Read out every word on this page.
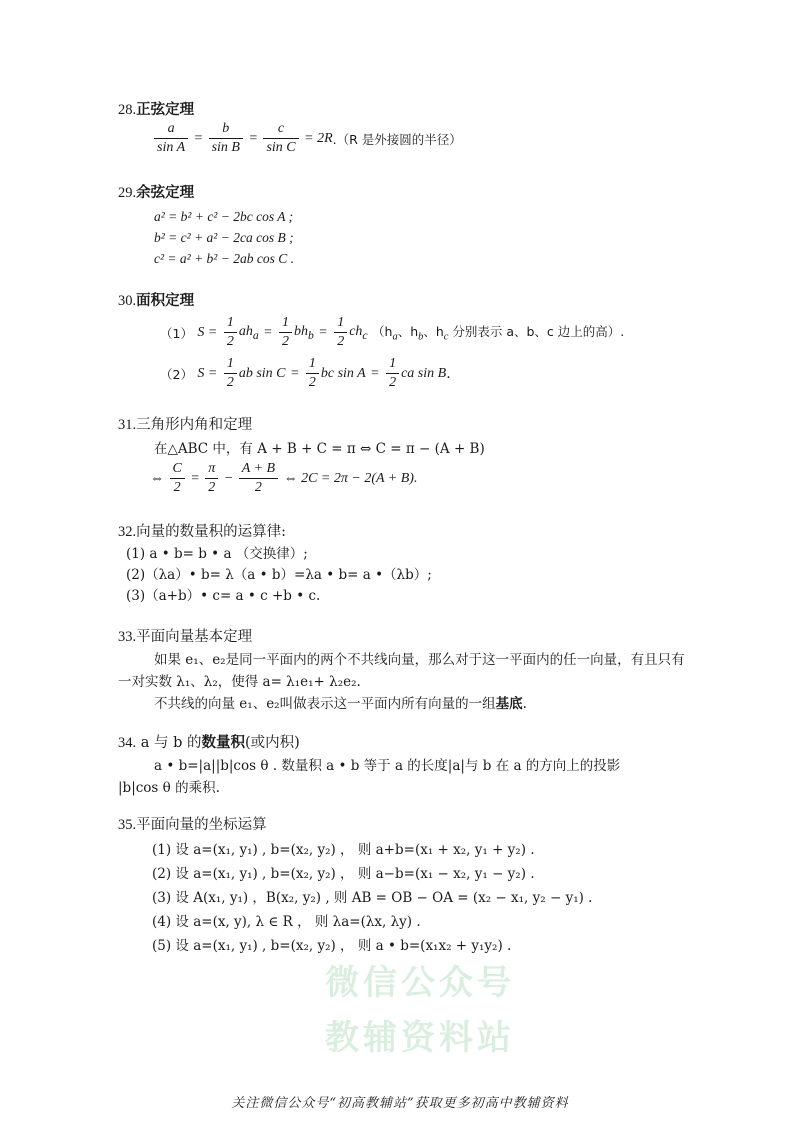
28.正弦定理
$\frac{a}{\text{sin A}} = \frac{b}{\text{sin B}} = \frac{c}{\text{sin C}} = 2R.(R$ 是外接圆的半径）
29.余弦定理
a² = b² + c² − 2bc cos A ;
b² = c² + a² − 2ca cos B ;
c² = a² + b² − 2ab cos C .
30.面积定理
（1） $S = \frac{1}{2} ah_a = \frac{1}{2} bh_b = \frac{1}{2} ch_c$ （$h_a$、$h_b$、$h_c$ 分别表示 a、b、c 边上的高）.
（2） $S = \frac{1}{2}$ ab $\sin C = \frac{1}{2}$ bc $\sin A = \frac{1}{2}$ ca sin B.
31.三角形内角和定理
在△ABC 中，有 A + B + C = π ⇔ C = π − (A + B)
⇔ $\frac{C}{2} = \frac{\pi}{2} - \frac{A + B}{2}$ ⇔ 2C = 2π − 2(A + B).
32.向量的数量积的运算律:
(1) a • b= b • a （交换律）;
(2)（λa）• b= λ（a • b）=λa • b= a •（λb）;
(3)（a+b）• c= a • c +b • c.
33.平面向量基本定理
如果 e₁、e₂是同一平面内的两个不共线向量，那么对于这一平面内的任一向量，有且只有一对实数 λ₁、λ₂，使得 a= λ₁e₁+ λ₂e₂.
不共线的向量 e₁、e₂叫做表示这一平面内所有向量的一组基底.
34. a 与 b 的数量积(或内积)
a • b=|a||b|cos θ . 数量积 a • b 等于 a 的长度|a|与 b 在 a 的方向上的投影
|b|cos θ 的乘积.
35.平面向量的坐标运算
(1) 设 a=(x₁, y₁) , b=(x₂, y₂) ， 则 a+b=(x₁ + x₂, y₁ + y₂) .
(2) 设 a=(x₁, y₁) , b=(x₂, y₂) ， 则 a−b=(x₁ − x₂, y₁ − y₂) .
(3) 设 A(x₁, y₁) ，B(x₂, y₂) , 则 AB = OB − OA = (x₂ − x₁, y₂ − y₁) .
(4) 设 a=(x, y), λ ∈ R ， 则 λa=(λx, λy) .
(5) 设 a=(x₁, y₁) , b=(x₂, y₂) ， 则 a • b=(x₁x₂ + y₁y₂) .
微信公众号
教辅资料站
关注微信公众号“初高教辅站”获取更多初高中教辅资料
